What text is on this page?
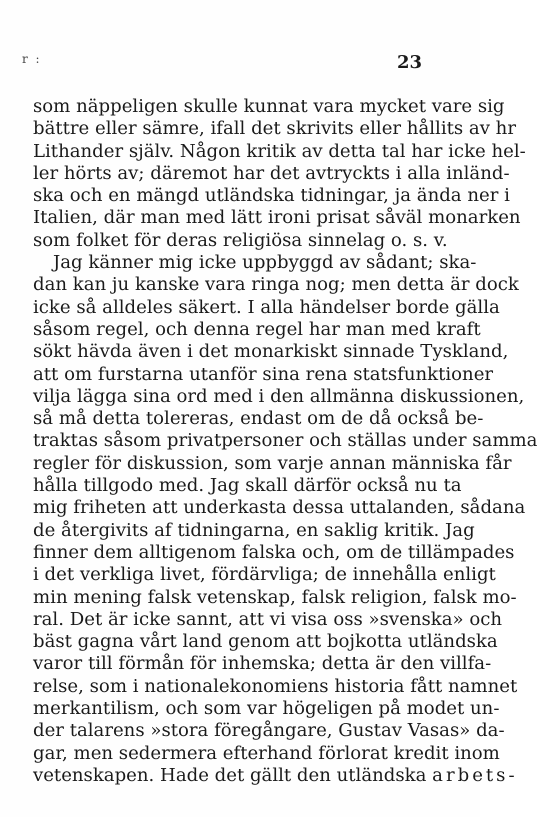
r :	23
som näppeligen skulle kunnat vara mycket vare sig
bättre eller sämre, ifall det skrivits eller hållits av hr
Lithander själv. Någon kritik av detta tal har icke hel-
ler hörts av; däremot har det avtryckts i alla inländ-
ska och en mängd utländska tidningar, ja ända ner i
Italien, där man med lätt ironi prisat såväl monarken
som folket för deras religiösa sinnelag o. s. v.
Jag känner mig icke uppbyggd av sådant; ska-
dan kan ju kanske vara ringa nog; men detta är dock
icke så alldeles säkert. I alla händelser borde gälla
såsom regel, och denna regel har man med kraft
sökt hävda även i det monarkiskt sinnade Tyskland,
att om furstarna utanför sina rena statsfunktioner
vilja lägga sina ord med i den allmänna diskussionen,
så må detta tolereras, endast om de då också be-
traktas såsom privatpersoner och ställas under samma
regler för diskussion, som varje annan människa får
hålla tillgodo med. Jag skall därför också nu ta
mig friheten att underkasta dessa uttalanden, sådana
de återgivits af tidningarna, en saklig kritik. Jag
finner dem alltigenom falska och, om de tillämpades
i det verkliga livet, fördärvliga; de innehålla enligt
min mening falsk vetenskap, falsk religion, falsk mo-
ral. Det är icke sannt, att vi visa oss »svenska» och
bäst gagna vårt land genom att bojkotta utländska
varor till förmån för inhemska; detta är den villfa-
relse, som i nationalekonomiens historia fått namnet
merkantilism, och som var högeligen på modet un-
der talarens »stora föregångare, Gustav Vasas» da-
gar, men sedermera efterhand förlorat kredit inom
vetenskapen. Hade det gällt den utländska arbets-
